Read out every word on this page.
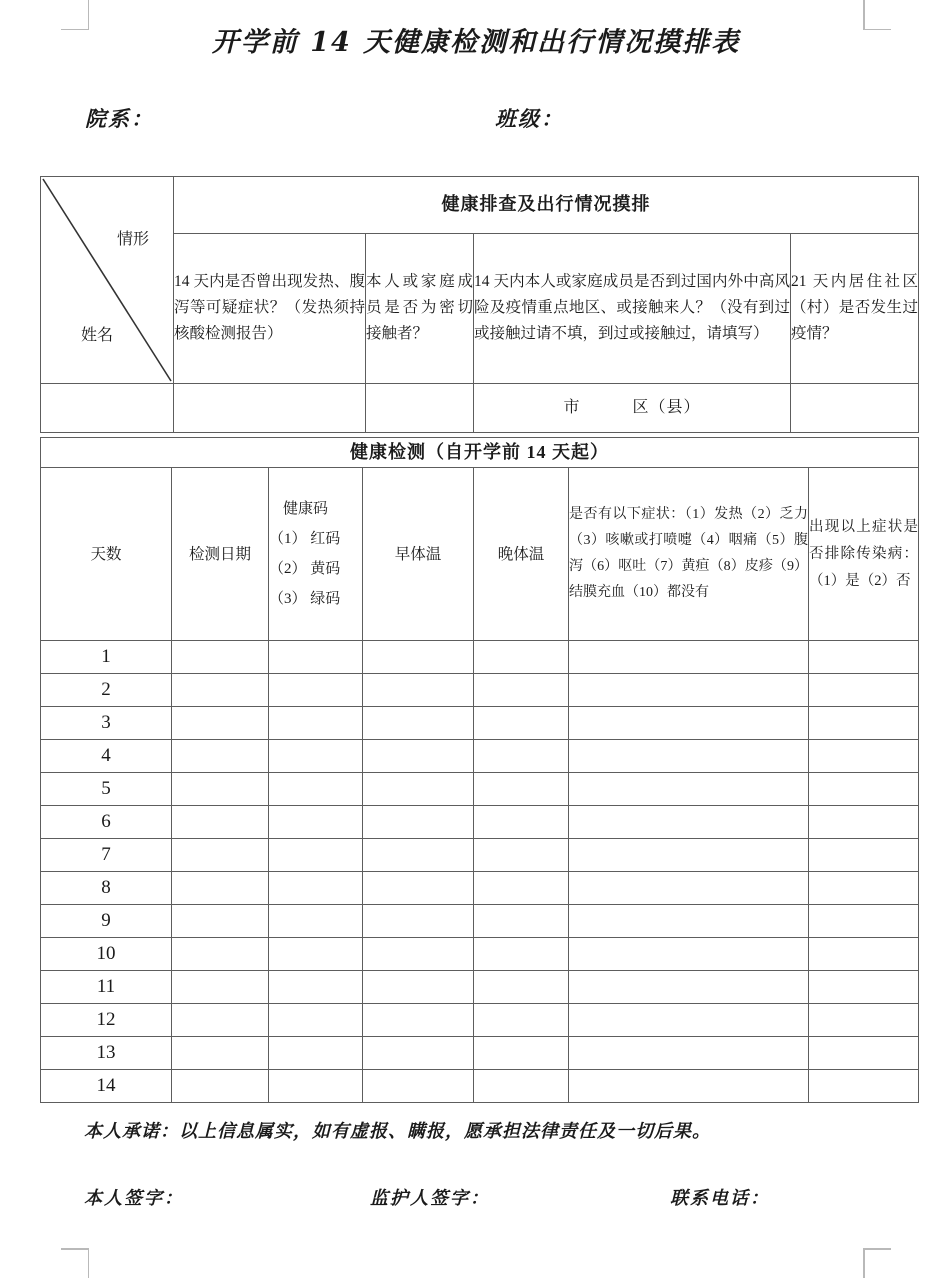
开学前 14 天健康检测和出行情况摸排表
院系：	班级：
情形
姓名	健康排查及出行情况摸排			
	14 天内是否曾出现发热、腹泻等可疑症状？（发热须持核酸检测报告）	本人或家庭成员是否为密切接触者？	14 天内本人或家庭成员是否到过国内外中高风险及疫情重点地区、或接触来人？（没有到过或接触过请不填，到过或接触过，请填写）	21 天内居住社区（村）是否发生过疫情？

			市 区（县）	

健康检测（自开学前 14 天起）						
天数	检测日期	健康码
（1） 红码
（2） 黄码
（3） 绿码	早体温	晚体温	是否有以下症状：（1）发热（2）乏力（3）咳嗽或打喷嚏（4）咽痛（5）腹泻（6）呕吐（7）黄疸（8）皮疹（9）结膜充血（10）都没有	出现以上症状是否排除传染病：（1）是（2）否
1						
2						
3						
4						
5						
6						
7						
8						
9						
10						
11						
12						
13						
14						
本人承诺：以上信息属实，如有虚报、瞒报，愿承担法律责任及一切后果。
本人签字：	监护人签字：	联系电话：
